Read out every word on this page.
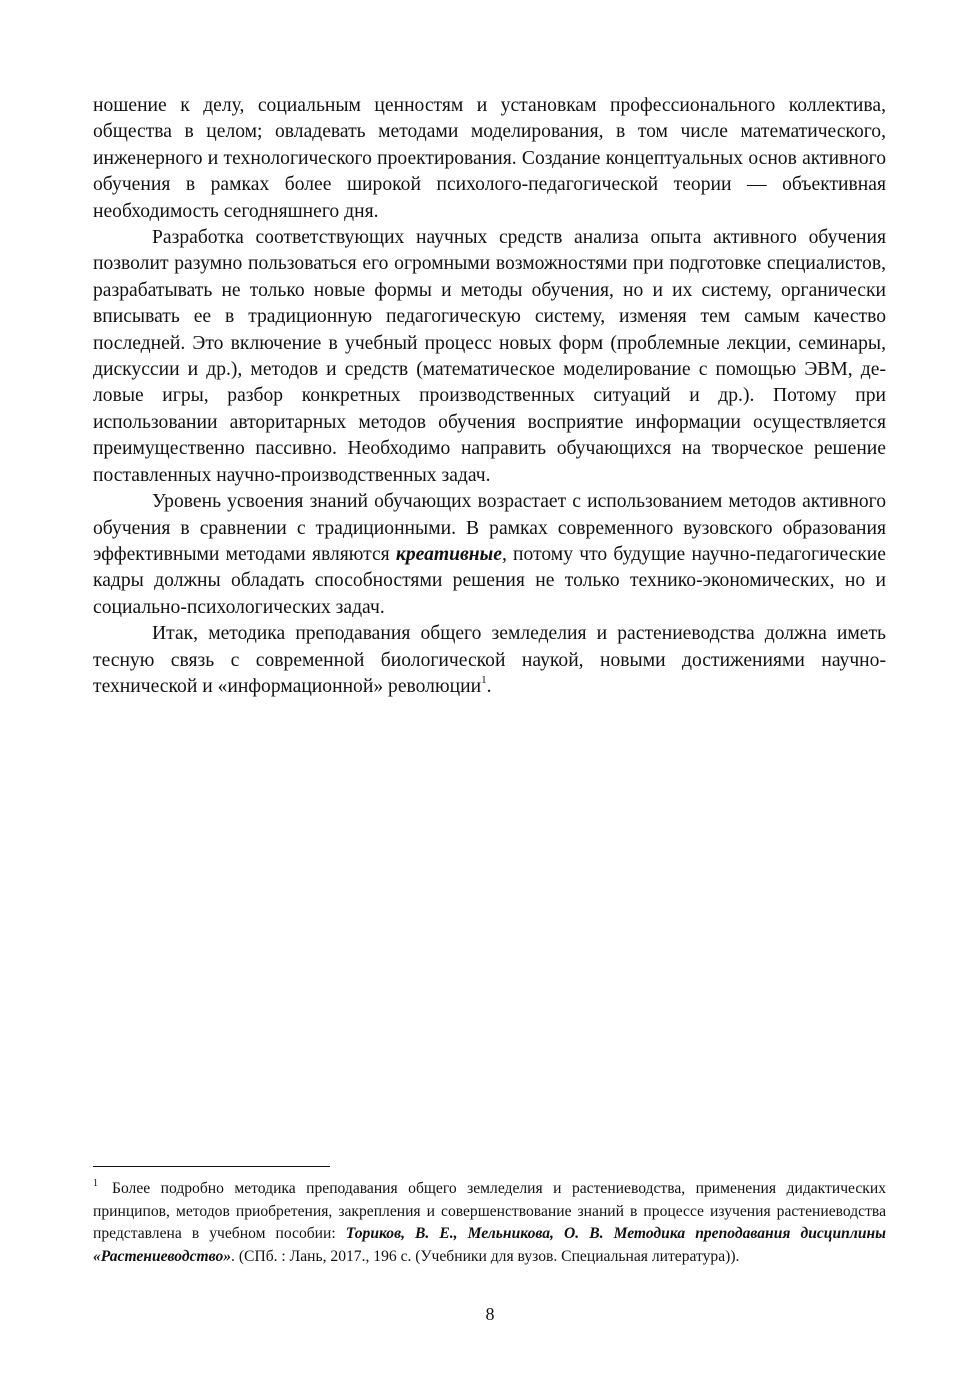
ношение к делу, социальным ценностям и установкам профессионального коллектива, общества в целом; овладевать методами моделирования, в том числе математического, инженерного и технологического проектирования. Создание концептуальных основ активного обучения в рамках более широкой психолого-педагогической теории — объективная необходимость сегодняшнего дня.

Разработка соответствующих научных средств анализа опыта активного обучения позволит разумно пользоваться его огромными возможностями при подготовке специалистов, разрабатывать не только новые формы и методы обучения, но и их систему, органически вписывать ее в традиционную педагогическую систему, изменяя тем самым качество последней. Это включение в учебный процесс новых форм (проблемные лекции, семинары, дискуссии и др.), методов и средств (математическое моделирование с помощью ЭВМ, деловые игры, разбор конкретных производственных ситуаций и др.). Потому при использовании авторитарных методов обучения восприятие информации осуществляется преимущественно пассивно. Необходимо направить обучающихся на творческое решение поставленных научно-производственных задач.

Уровень усвоения знаний обучающих возрастает с использованием методов активного обучения в сравнении с традиционными. В рамках современного вузовского образования эффективными методами являются креативные, потому что будущие научно-педагогические кадры должны обладать способностями решения не только технико-экономических, но и социально-психологических задач.

Итак, методика преподавания общего земледелия и растениеводства должна иметь тесную связь с современной биологической наукой, новыми достижениями научно-технической и «информационной» революции$^1$.

$^1$ Более подробно методика преподавания общего земледелия и растениеводства, применения дидактических принципов, методов приобретения, закрепления и совершенствование знаний в процессе изучения растениеводства представлена в учебном пособии: Ториков, В. Е., Мельникова, О. В. Методика преподавания дисциплины «Растениеводство». (СПб. : Лань, 2017., 196 с. (Учебники для вузов. Специальная литература)).

8
